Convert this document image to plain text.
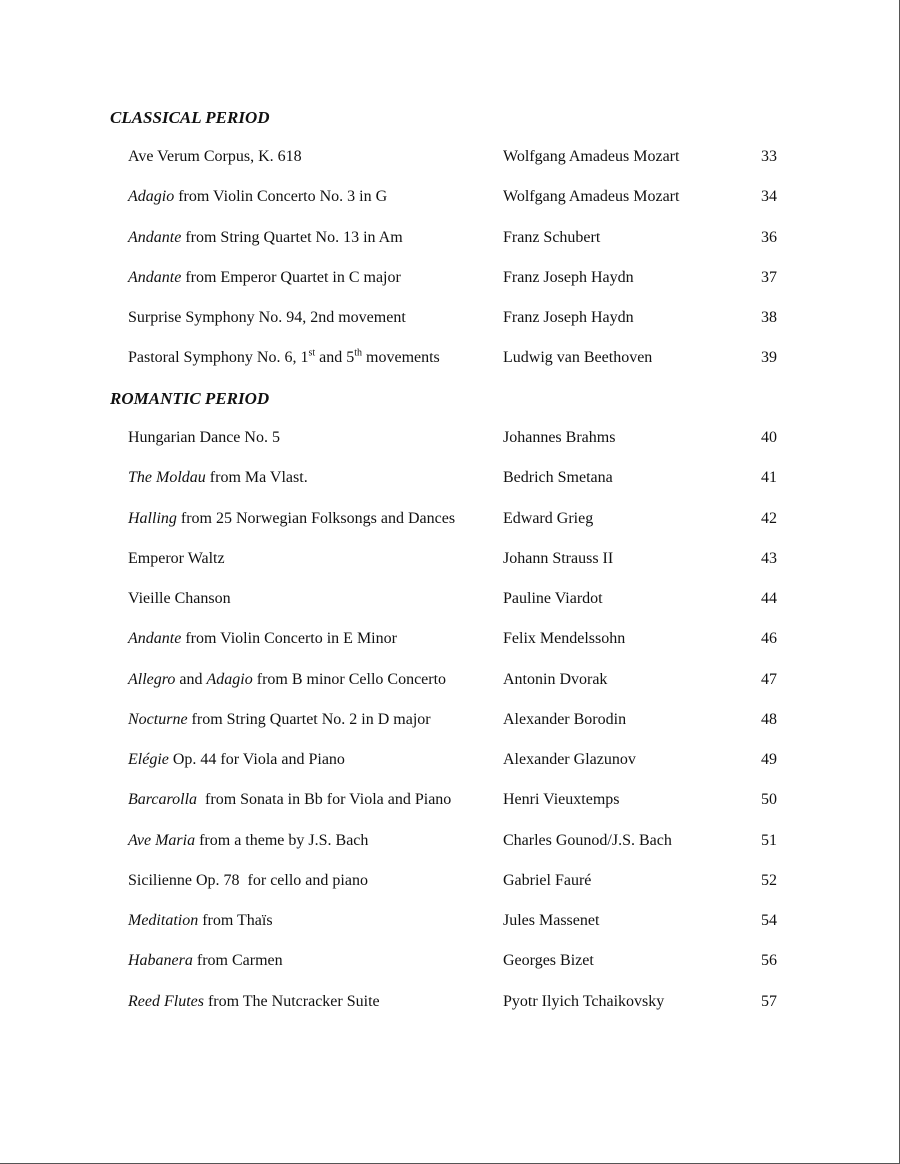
CLASSICAL PERIOD
Ave Verum Corpus, K. 618	Wolfgang Amadeus Mozart	33
Adagio from Violin Concerto No. 3 in G	Wolfgang Amadeus Mozart	34
Andante from String Quartet No. 13 in Am	Franz Schubert	36
Andante from Emperor Quartet in C major	Franz Joseph Haydn	37
Surprise Symphony No. 94, 2nd movement	Franz Joseph Haydn	38
Pastoral Symphony No. 6, 1st and 5th movements	Ludwig van Beethoven	39
ROMANTIC PERIOD
Hungarian Dance No. 5	Johannes Brahms	40
The Moldau from Ma Vlast.	Bedrich Smetana	41
Halling from 25 Norwegian Folksongs and Dances	Edward Grieg	42
Emperor Waltz	Johann Strauss II	43
Vieille Chanson	Pauline Viardot	44
Andante from Violin Concerto in E Minor	Felix Mendelssohn	46
Allegro and Adagio from B minor Cello Concerto	Antonin Dvorak	47
Nocturne from String Quartet No. 2 in D major	Alexander Borodin	48
Elégie Op. 44 for Viola and Piano	Alexander Glazunov	49
Barcarolla  from Sonata in Bb for Viola and Piano	Henri Vieuxtemps	50
Ave Maria from a theme by J.S. Bach	Charles Gounod/J.S. Bach	51
Sicilienne Op. 78  for cello and piano	Gabriel Fauré	52
Meditation from Thaïs	Jules Massenet	54
Habanera from Carmen	Georges Bizet	56
Reed Flutes from The Nutcracker Suite	Pyotr Ilyich Tchaikovsky	57
